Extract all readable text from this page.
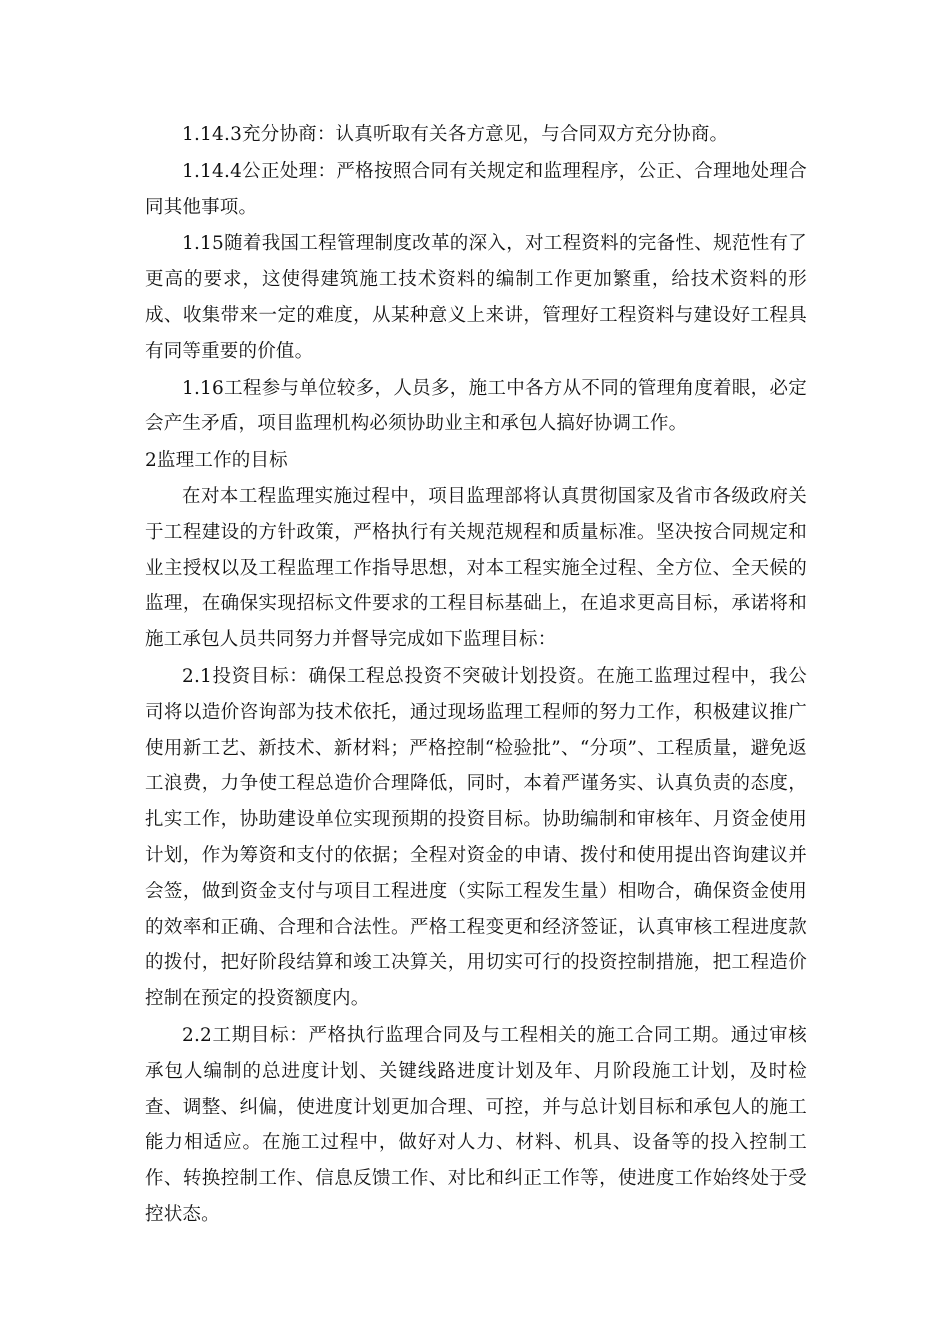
1.14.3充分协商：认真听取有关各方意见，与合同双方充分协商。

1.14.4公正处理：严格按照合同有关规定和监理程序，公正、合理地处理合同其他事项。

1.15随着我国工程管理制度改革的深入，对工程资料的完备性、规范性有了更高的要求，这使得建筑施工技术资料的编制工作更加繁重，给技术资料的形成、收集带来一定的难度，从某种意义上来讲，管理好工程资料与建设好工程具有同等重要的价值。

1.16工程参与单位较多，人员多，施工中各方从不同的管理角度着眼，必定会产生矛盾，项目监理机构必须协助业主和承包人搞好协调工作。

2监理工作的目标

在对本工程监理实施过程中，项目监理部将认真贯彻国家及省市各级政府关于工程建设的方针政策，严格执行有关规范规程和质量标准。坚决按合同规定和业主授权以及工程监理工作指导思想，对本工程实施全过程、全方位、全天候的监理，在确保实现招标文件要求的工程目标基础上，在追求更高目标，承诺将和施工承包人员共同努力并督导完成如下监理目标：

2.1投资目标：确保工程总投资不突破计划投资。在施工监理过程中，我公司将以造价咨询部为技术依托，通过现场监理工程师的努力工作，积极建议推广使用新工艺、新技术、新材料；严格控制“检验批”、“分项”、工程质量，避免返工浪费，力争使工程总造价合理降低，同时，本着严谨务实、认真负责的态度，扎实工作，协助建设单位实现预期的投资目标。协助编制和审核年、月资金使用计划，作为筹资和支付的依据；全程对资金的申请、拨付和使用提出咨询建议并会签，做到资金支付与项目工程进度（实际工程发生量）相吻合，确保资金使用的效率和正确、合理和合法性。严格工程变更和经济签证，认真审核工程进度款的拨付，把好阶段结算和竣工决算关，用切实可行的投资控制措施，把工程造价控制在预定的投资额度内。

2.2工期目标：严格执行监理合同及与工程相关的施工合同工期。通过审核承包人编制的总进度计划、关键线路进度计划及年、月阶段施工计划，及时检查、调整、纠偏，使进度计划更加合理、可控，并与总计划目标和承包人的施工能力相适应。在施工过程中，做好对人力、材料、机具、设备等的投入控制工作、转换控制工作、信息反馈工作、对比和纠正工作等，使进度工作始终处于受控状态。
